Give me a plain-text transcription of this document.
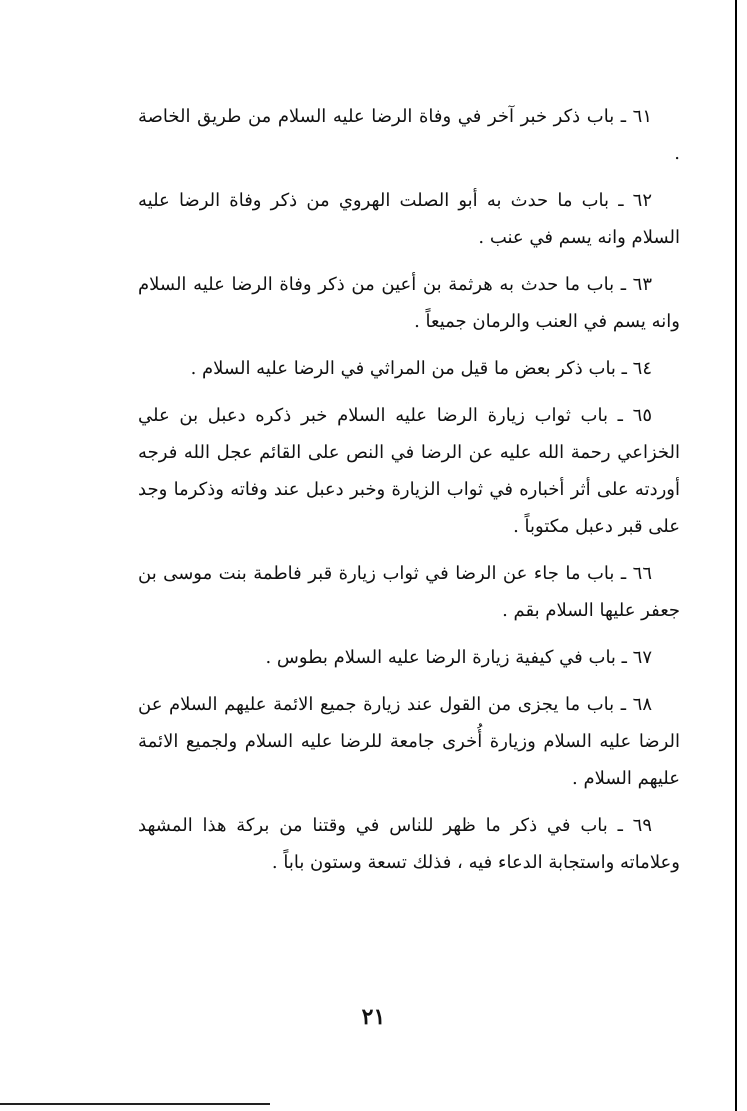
٦١ ـ باب ذكر خبر آخر في وفاة الرضا عليه السلام من طريق الخاصة .

٦٢ ـ باب ما حدث به أبو الصلت الهروي من ذكر وفاة الرضا عليه السلام وانه يسم في عنب .

٦٣ ـ باب ما حدث به هرثمة بن أعين من ذكر وفاة الرضا عليه السلام وانه يسم في العنب والرمان جميعاً .

٦٤ ـ باب ذكر بعض ما قيل من المراثي في الرضا عليه السلام .

٦٥ ـ باب ثواب زيارة الرضا عليه السلام خبر ذكره دعبل بن علي الخزاعي رحمة الله عليه عن الرضا في النص على القائم عجل الله فرجه أوردته على أثر أخباره في ثواب الزيارة وخبر دعبل عند وفاته وذكرما وجد على قبر دعبل مكتوباً .

٦٦ ـ باب ما جاء عن الرضا في ثواب زيارة قبر فاطمة بنت موسى بن جعفر عليها السلام بقم .

٦٧ ـ باب في كيفية زيارة الرضا عليه السلام بطوس .

٦٨ ـ باب ما يجزى من القول عند زيارة جميع الائمة عليهم السلام عن الرضا عليه السلام وزيارة أُخرى جامعة للرضا عليه السلام ولجميع الائمة عليهم السلام .

٦٩ ـ باب في ذكر ما ظهر للناس في وقتنا من بركة هذا المشهد وعلاماته واستجابة الدعاء فيه ، فذلك تسعة وستون باباً .

٢١
